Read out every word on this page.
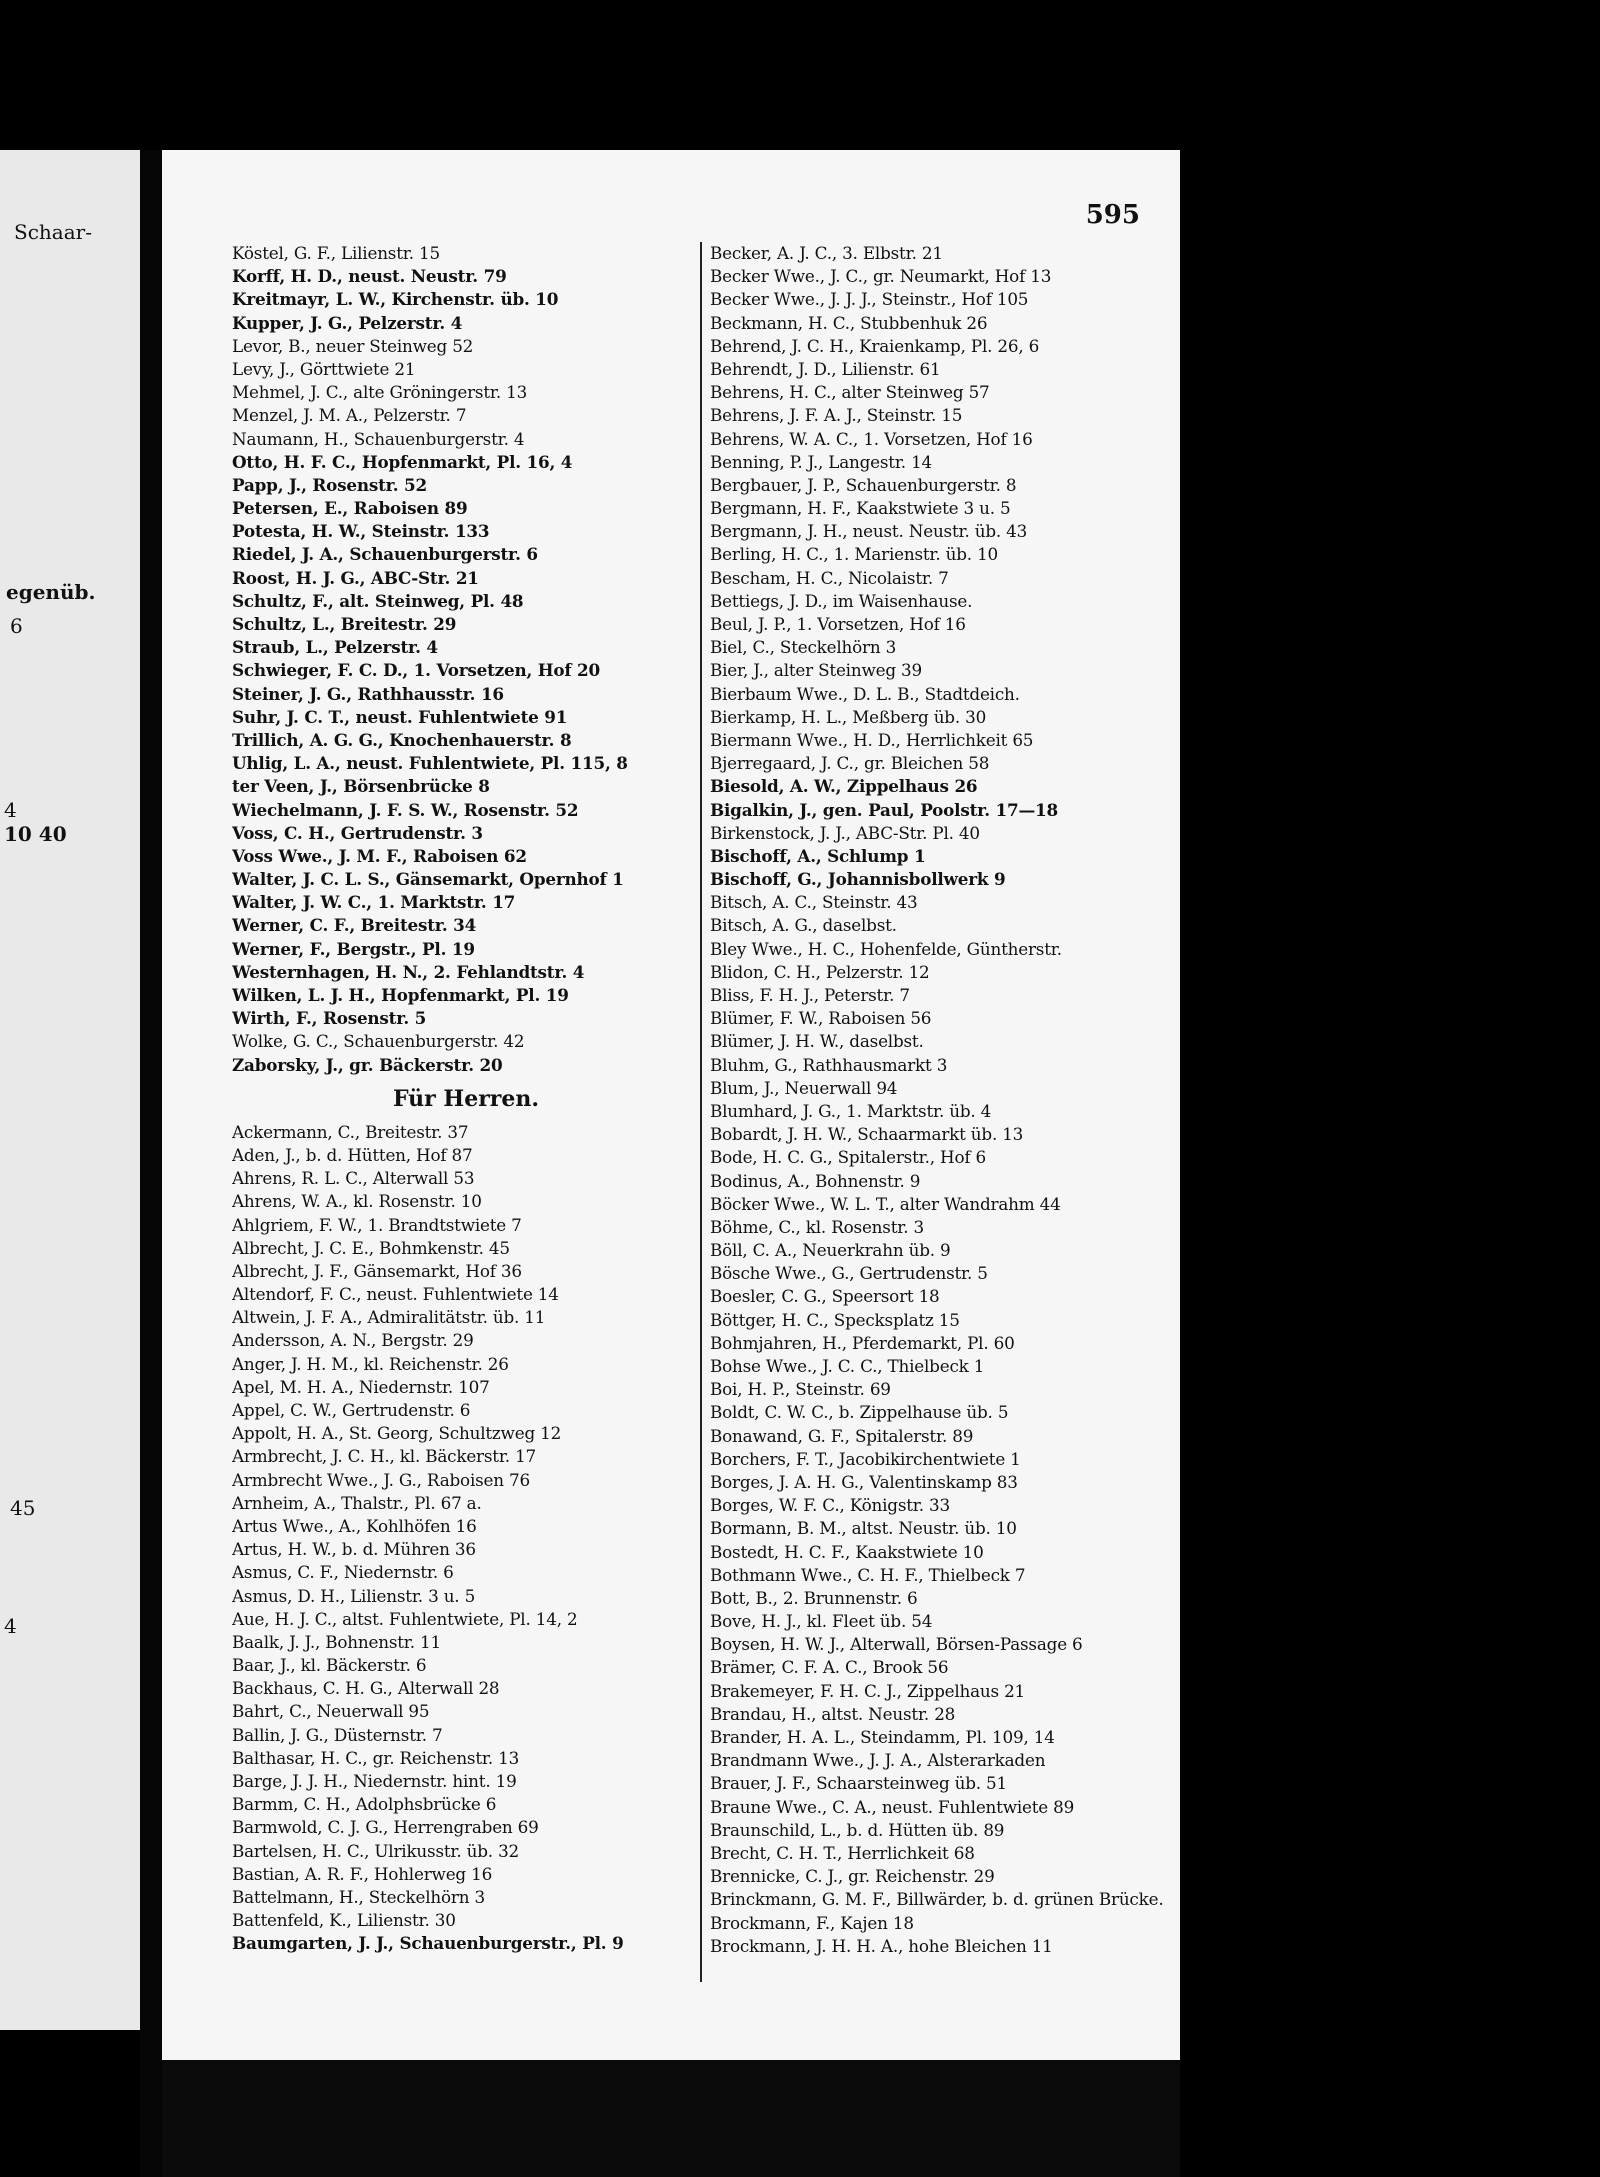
Schaar-
egenüb.
6
4
10 40
45
4
595
Köstel, G. F., Lilienstr. 15
Korff, H. D., neust. Neustr. 79
Kreitmayr, L. W., Kirchenstr. üb. 10
Kupper, J. G., Pelzerstr. 4
Levor, B., neuer Steinweg 52
Levy, J., Görttwiete 21
Mehmel, J. C., alte Gröningerstr. 13
Menzel, J. M. A., Pelzerstr. 7
Naumann, H., Schauenburgerstr. 4
Otto, H. F. C., Hopfenmarkt, Pl. 16, 4
Papp, J., Rosenstr. 52
Petersen, E., Raboisen 89
Potesta, H. W., Steinstr. 133
Riedel, J. A., Schauenburgerstr. 6
Roost, H. J. G., ABC-Str. 21
Schultz, F., alt. Steinweg, Pl. 48
Schultz, L., Breitestr. 29
Straub, L., Pelzerstr. 4
Schwieger, F. C. D., 1. Vorsetzen, Hof 20
Steiner, J. G., Rathhausstr. 16
Suhr, J. C. T., neust. Fuhlentwiete 91
Trillich, A. G. G., Knochenhauerstr. 8
Uhlig, L. A., neust. Fuhlentwiete, Pl. 115, 8
ter Veen, J., Börsenbrücke 8
Wiechelmann, J. F. S. W., Rosenstr. 52
Voss, C. H., Gertrudenstr. 3
Voss Wwe., J. M. F., Raboisen 62
Walter, J. C. L. S., Gänsemarkt, Opernhof 1
Walter, J. W. C., 1. Marktstr. 17
Werner, C. F., Breitestr. 34
Werner, F., Bergstr., Pl. 19
Westernhagen, H. N., 2. Fehlandtstr. 4
Wilken, L. J. H., Hopfenmarkt, Pl. 19
Wirth, F., Rosenstr. 5
Wolke, G. C., Schauenburgerstr. 42
Zaborsky, J., gr. Bäckerstr. 20
Für Herren.
Ackermann, C., Breitestr. 37
Aden, J., b. d. Hütten, Hof 87
Ahrens, R. L. C., Alterwall 53
Ahrens, W. A., kl. Rosenstr. 10
Ahlgriem, F. W., 1. Brandtstwiete 7
Albrecht, J. C. E., Bohmkenstr. 45
Albrecht, J. F., Gänsemarkt, Hof 36
Altendorf, F. C., neust. Fuhlentwiete 14
Altwein, J. F. A., Admiralitätstr. üb. 11
Andersson, A. N., Bergstr. 29
Anger, J. H. M., kl. Reichenstr. 26
Apel, M. H. A., Niedernstr. 107
Appel, C. W., Gertrudenstr. 6
Appolt, H. A., St. Georg, Schultzweg 12
Armbrecht, J. C. H., kl. Bäckerstr. 17
Armbrecht Wwe., J. G., Raboisen 76
Arnheim, A., Thalstr., Pl. 67 a.
Artus Wwe., A., Kohlhöfen 16
Artus, H. W., b. d. Mühren 36
Asmus, C. F., Niedernstr. 6
Asmus, D. H., Lilienstr. 3 u. 5
Aue, H. J. C., altst. Fuhlentwiete, Pl. 14, 2
Baalk, J. J., Bohnenstr. 11
Baar, J., kl. Bäckerstr. 6
Backhaus, C. H. G., Alterwall 28
Bahrt, C., Neuerwall 95
Ballin, J. G., Düsternstr. 7
Balthasar, H. C., gr. Reichenstr. 13
Barge, J. J. H., Niedernstr. hint. 19
Barmm, C. H., Adolphsbrücke 6
Barmwold, C. J. G., Herrengraben 69
Bartelsen, H. C., Ulrikusstr. üb. 32
Bastian, A. R. F., Hohlerweg 16
Battelmann, H., Steckelhörn 3
Battenfeld, K., Lilienstr. 30
Baumgarten, J. J., Schauenburgerstr., Pl. 9
Becker, A. J. C., 3. Elbstr. 21
Becker Wwe., J. C., gr. Neumarkt, Hof 13
Becker Wwe., J. J. J., Steinstr., Hof 105
Beckmann, H. C., Stubbenhuk 26
Behrend, J. C. H., Kraienkamp, Pl. 26, 6
Behrendt, J. D., Lilienstr. 61
Behrens, H. C., alter Steinweg 57
Behrens, J. F. A. J., Steinstr. 15
Behrens, W. A. C., 1. Vorsetzen, Hof 16
Benning, P. J., Langestr. 14
Bergbauer, J. P., Schauenburgerstr. 8
Bergmann, H. F., Kaakstwiete 3 u. 5
Bergmann, J. H., neust. Neustr. üb. 43
Berling, H. C., 1. Marienstr. üb. 10
Bescham, H. C., Nicolaistr. 7
Bettiegs, J. D., im Waisenhause.
Beul, J. P., 1. Vorsetzen, Hof 16
Biel, C., Steckelhörn 3
Bier, J., alter Steinweg 39
Bierbaum Wwe., D. L. B., Stadtdeich.
Bierkamp, H. L., Meßberg üb. 30
Biermann Wwe., H. D., Herrlichkeit 65
Bjerregaard, J. C., gr. Bleichen 58
Biesold, A. W., Zippelhaus 26
Bigalkin, J., gen. Paul, Poolstr. 17—18
Birkenstock, J. J., ABC-Str. Pl. 40
Bischoff, A., Schlump 1
Bischoff, G., Johannisbollwerk 9
Bitsch, A. C., Steinstr. 43
Bitsch, A. G., daselbst.
Bley Wwe., H. C., Hohenfelde, Güntherstr.
Blidon, C. H., Pelzerstr. 12
Bliss, F. H. J., Peterstr. 7
Blümer, F. W., Raboisen 56
Blümer, J. H. W., daselbst.
Bluhm, G., Rathhausmarkt 3
Blum, J., Neuerwall 94
Blumhard, J. G., 1. Marktstr. üb. 4
Bobardt, J. H. W., Schaarmarkt üb. 13
Bode, H. C. G., Spitalerstr., Hof 6
Bodinus, A., Bohnenstr. 9
Böcker Wwe., W. L. T., alter Wandrahm 44
Böhme, C., kl. Rosenstr. 3
Böll, C. A., Neuerkrahn üb. 9
Bösche Wwe., G., Gertrudenstr. 5
Boesler, C. G., Speersort 18
Böttger, H. C., Specksplatz 15
Bohmjahren, H., Pferdemarkt, Pl. 60
Bohse Wwe., J. C. C., Thielbeck 1
Boi, H. P., Steinstr. 69
Boldt, C. W. C., b. Zippelhause üb. 5
Bonawand, G. F., Spitalerstr. 89
Borchers, F. T., Jacobikirchentwiete 1
Borges, J. A. H. G., Valentinskamp 83
Borges, W. F. C., Königstr. 33
Bormann, B. M., altst. Neustr. üb. 10
Bostedt, H. C. F., Kaakstwiete 10
Bothmann Wwe., C. H. F., Thielbeck 7
Bott, B., 2. Brunnenstr. 6
Bove, H. J., kl. Fleet üb. 54
Boysen, H. W. J., Alterwall, Börsen-Passage 6
Brämer, C. F. A. C., Brook 56
Brakemeyer, F. H. C. J., Zippelhaus 21
Brandau, H., altst. Neustr. 28
Brander, H. A. L., Steindamm, Pl. 109, 14
Brandmann Wwe., J. J. A., Alsterarkaden
Brauer, J. F., Schaarsteinweg üb. 51
Braune Wwe., C. A., neust. Fuhlentwiete 89
Braunschild, L., b. d. Hütten üb. 89
Brecht, C. H. T., Herrlichkeit 68
Brennicke, C. J., gr. Reichenstr. 29
Brinckmann, G. M. F., Billwärder, b. d. grünen Brücke.
Brockmann, F., Kajen 18
Brockmann, J. H. H. A., hohe Bleichen 11
